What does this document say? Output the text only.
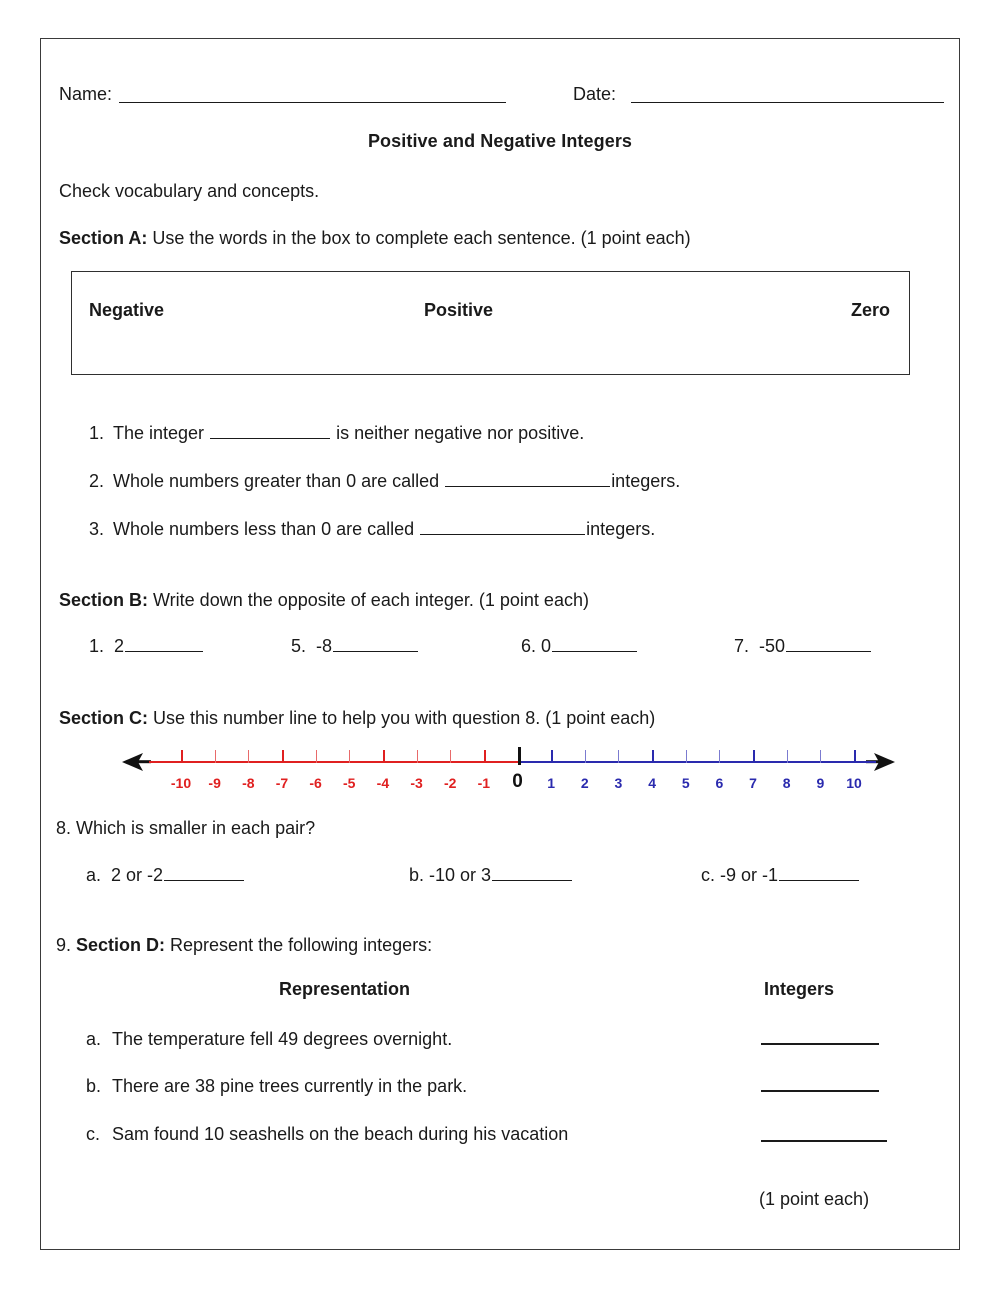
Name:	Date:
Positive and Negative Integers
Check vocabulary and concepts.
Section A: Use the words in the box to complete each sentence. (1 point each)
Negative	Positive	Zero
1. The integer	is neither negative nor positive.
2. Whole numbers greater than 0 are called	integers.
3. Whole numbers less than 0 are called	integers.
Section B: Write down the opposite of each integer. (1 point each)
1. 2	5. -8	6. 0	7. -50
Section C: Use this number line to help you with question 8. (1 point each)
-10 -9 -8 -7 -6 -5 -4 -3 -2 -1 0 1 2 3 4 5 6 7 8 9 10
8. Which is smaller in each pair?
a. 2 or -2	b. -10 or 3	c. -9 or -1
9. Section D: Represent the following integers:
Representation	Integers
a. The temperature fell 49 degrees overnight.
b. There are 38 pine trees currently in the park.
c. Sam found 10 seashells on the beach during his vacation
(1 point each)
